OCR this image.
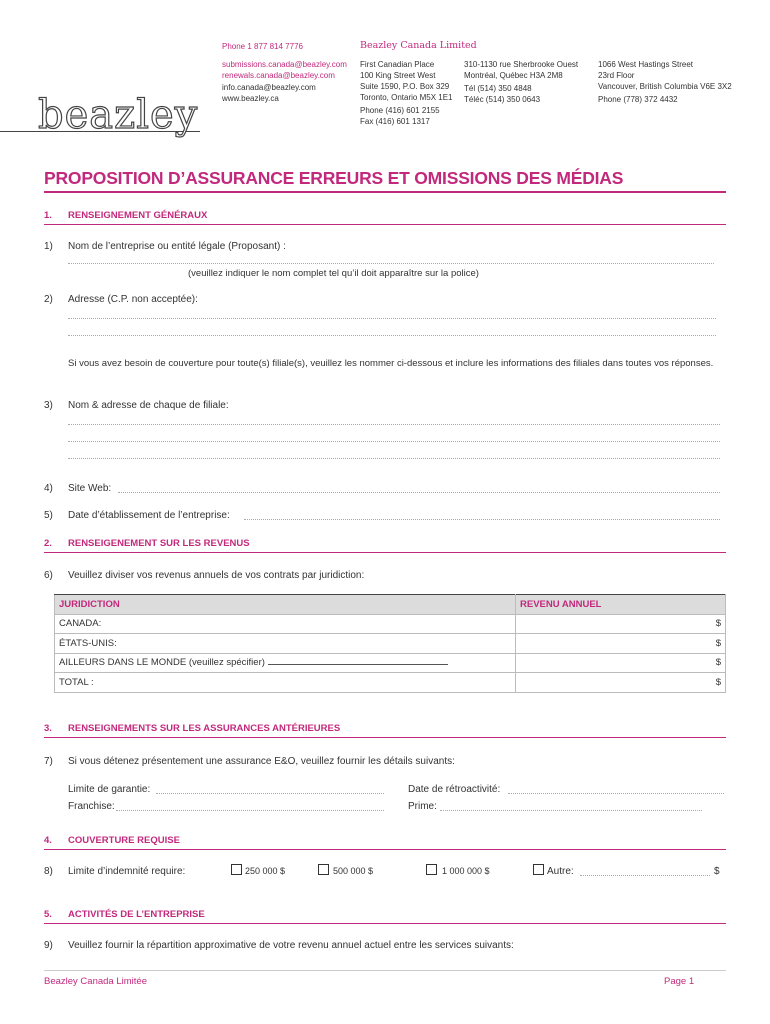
Phone 1 877 814 7776
submissions.canada@beazley.com
renewals.canada@beazley.com
info.canada@beazley.com
www.beazley.ca
Beazley Canada Limited
First Canadian Place
100 King Street West
Suite 1590, P.O. Box 329
Toronto, Ontario M5X 1E1
Phone (416) 601 2155
Fax (416) 601 1317
310-1130 rue Sherbrooke Ouest
Montréal, Québec H3A 2M8
Tél (514) 350 4848
Téléc (514) 350 0643
1066 West Hastings Street
23rd Floor
Vancouver, British Columbia V6E 3X2
Phone (778) 372 4432
beazley
PROPOSITION D’ASSURANCE ERREURS ET OMISSIONS DES MÉDIAS
1. RENSEIGNEMENT GÉNÉRAUX
1) Nom de l’entreprise ou entité légale (Proposant) :
(veuillez indiquer le nom complet tel qu’il doit apparaître sur la police)
2) Adresse (C.P. non acceptée):
Si vous avez besoin de couverture pour toute(s) filiale(s), veuillez les nommer ci-dessous et inclure les informations des filiales dans toutes vos réponses.
3) Nom & adresse de chaque de filiale:
4) Site Web:
5) Date d’établissement de l’entreprise:
2. RENSEIGENEMENT SUR LES REVENUS
6) Veuillez diviser vos revenus annuels de vos contrats par juridiction:
JURIDICTION	REVENU ANNUEL
CANADA:	$
ÉTATS-UNIS:	$
AILLEURS DANS LE MONDE (veuillez spécifier)	$
TOTAL :	$
3. RENSEIGNEMENTS SUR LES ASSURANCES ANTÉRIEURES
7) Si vous détenez présentement une assurance E&O, veuillez fournir les détails suivants:
Limite de garantie:	Date de rétroactivité:
Franchise:	Prime:
4. COUVERTURE REQUISE
8) Limite d’indemnité require:	250 000 $	500 000 $	1 000 000 $	Autre:	$
5. ACTIVITÉS DE L’ENTREPRISE
9) Veuillez fournir la répartition approximative de votre revenu annuel actuel entre les services suivants:
Beazley Canada Limitée	Page 1
